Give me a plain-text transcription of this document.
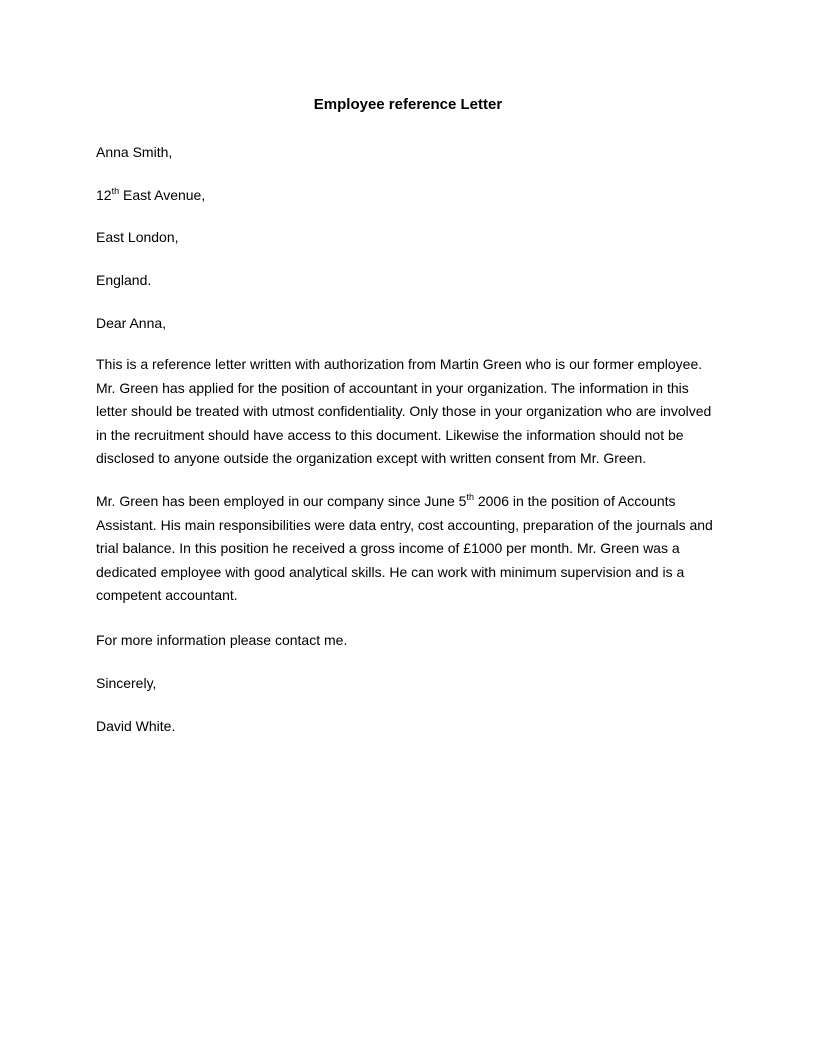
Employee reference Letter
Anna Smith,
12th East Avenue,
East London,
England.
Dear Anna,
This is a reference letter written with authorization from Martin Green who is our former employee.
Mr. Green has applied for the position of accountant in your organization. The information in this
letter should be treated with utmost confidentiality. Only those in your organization who are involved
in the recruitment should have access to this document. Likewise the information should not be
disclosed to anyone outside the organization except with written consent from Mr. Green.
Mr. Green has been employed in our company since June 5th 2006 in the position of Accounts
Assistant. His main responsibilities were data entry, cost accounting, preparation of the journals and
trial balance. In this position he received a gross income of £1000 per month. Mr. Green was a
dedicated employee with good analytical skills. He can work with minimum supervision and is a
competent accountant.
For more information please contact me.
Sincerely,
David White.
